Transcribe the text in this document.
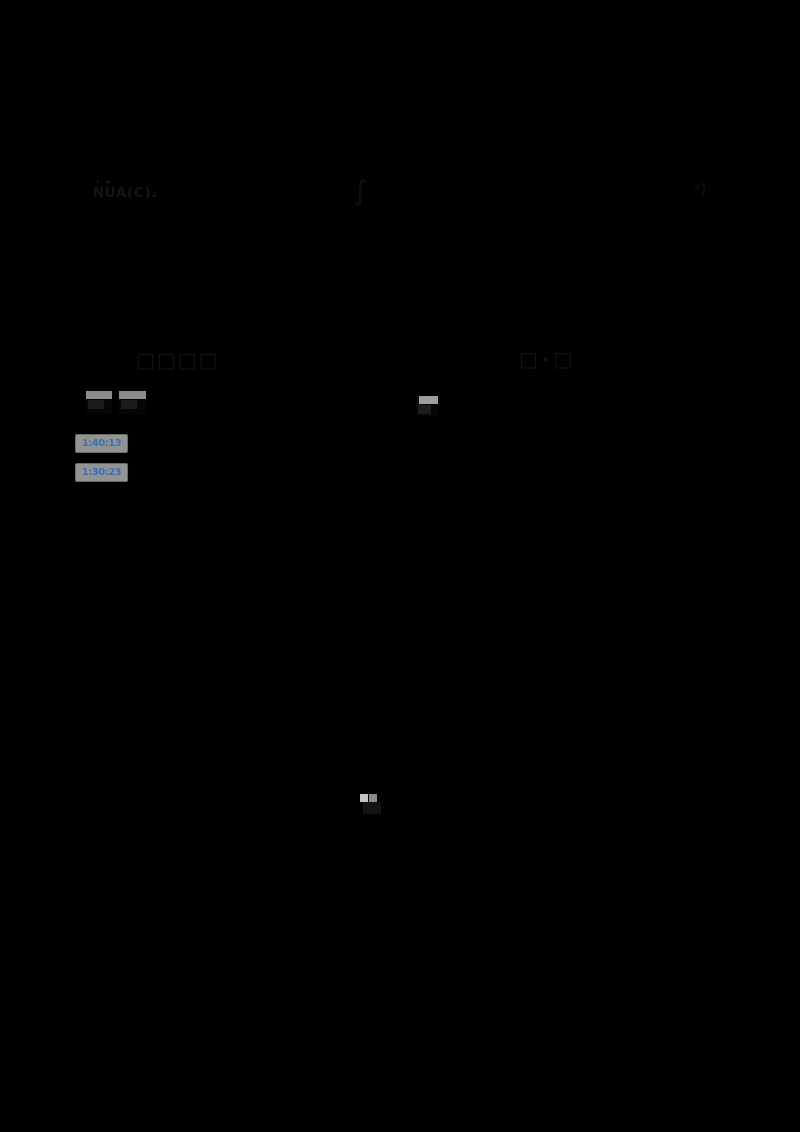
ᶠ ᴹ
NUA(C)₂	∫	ʸ)
□□□□	□·□
·······
·····
1:40:13
1:30:23
